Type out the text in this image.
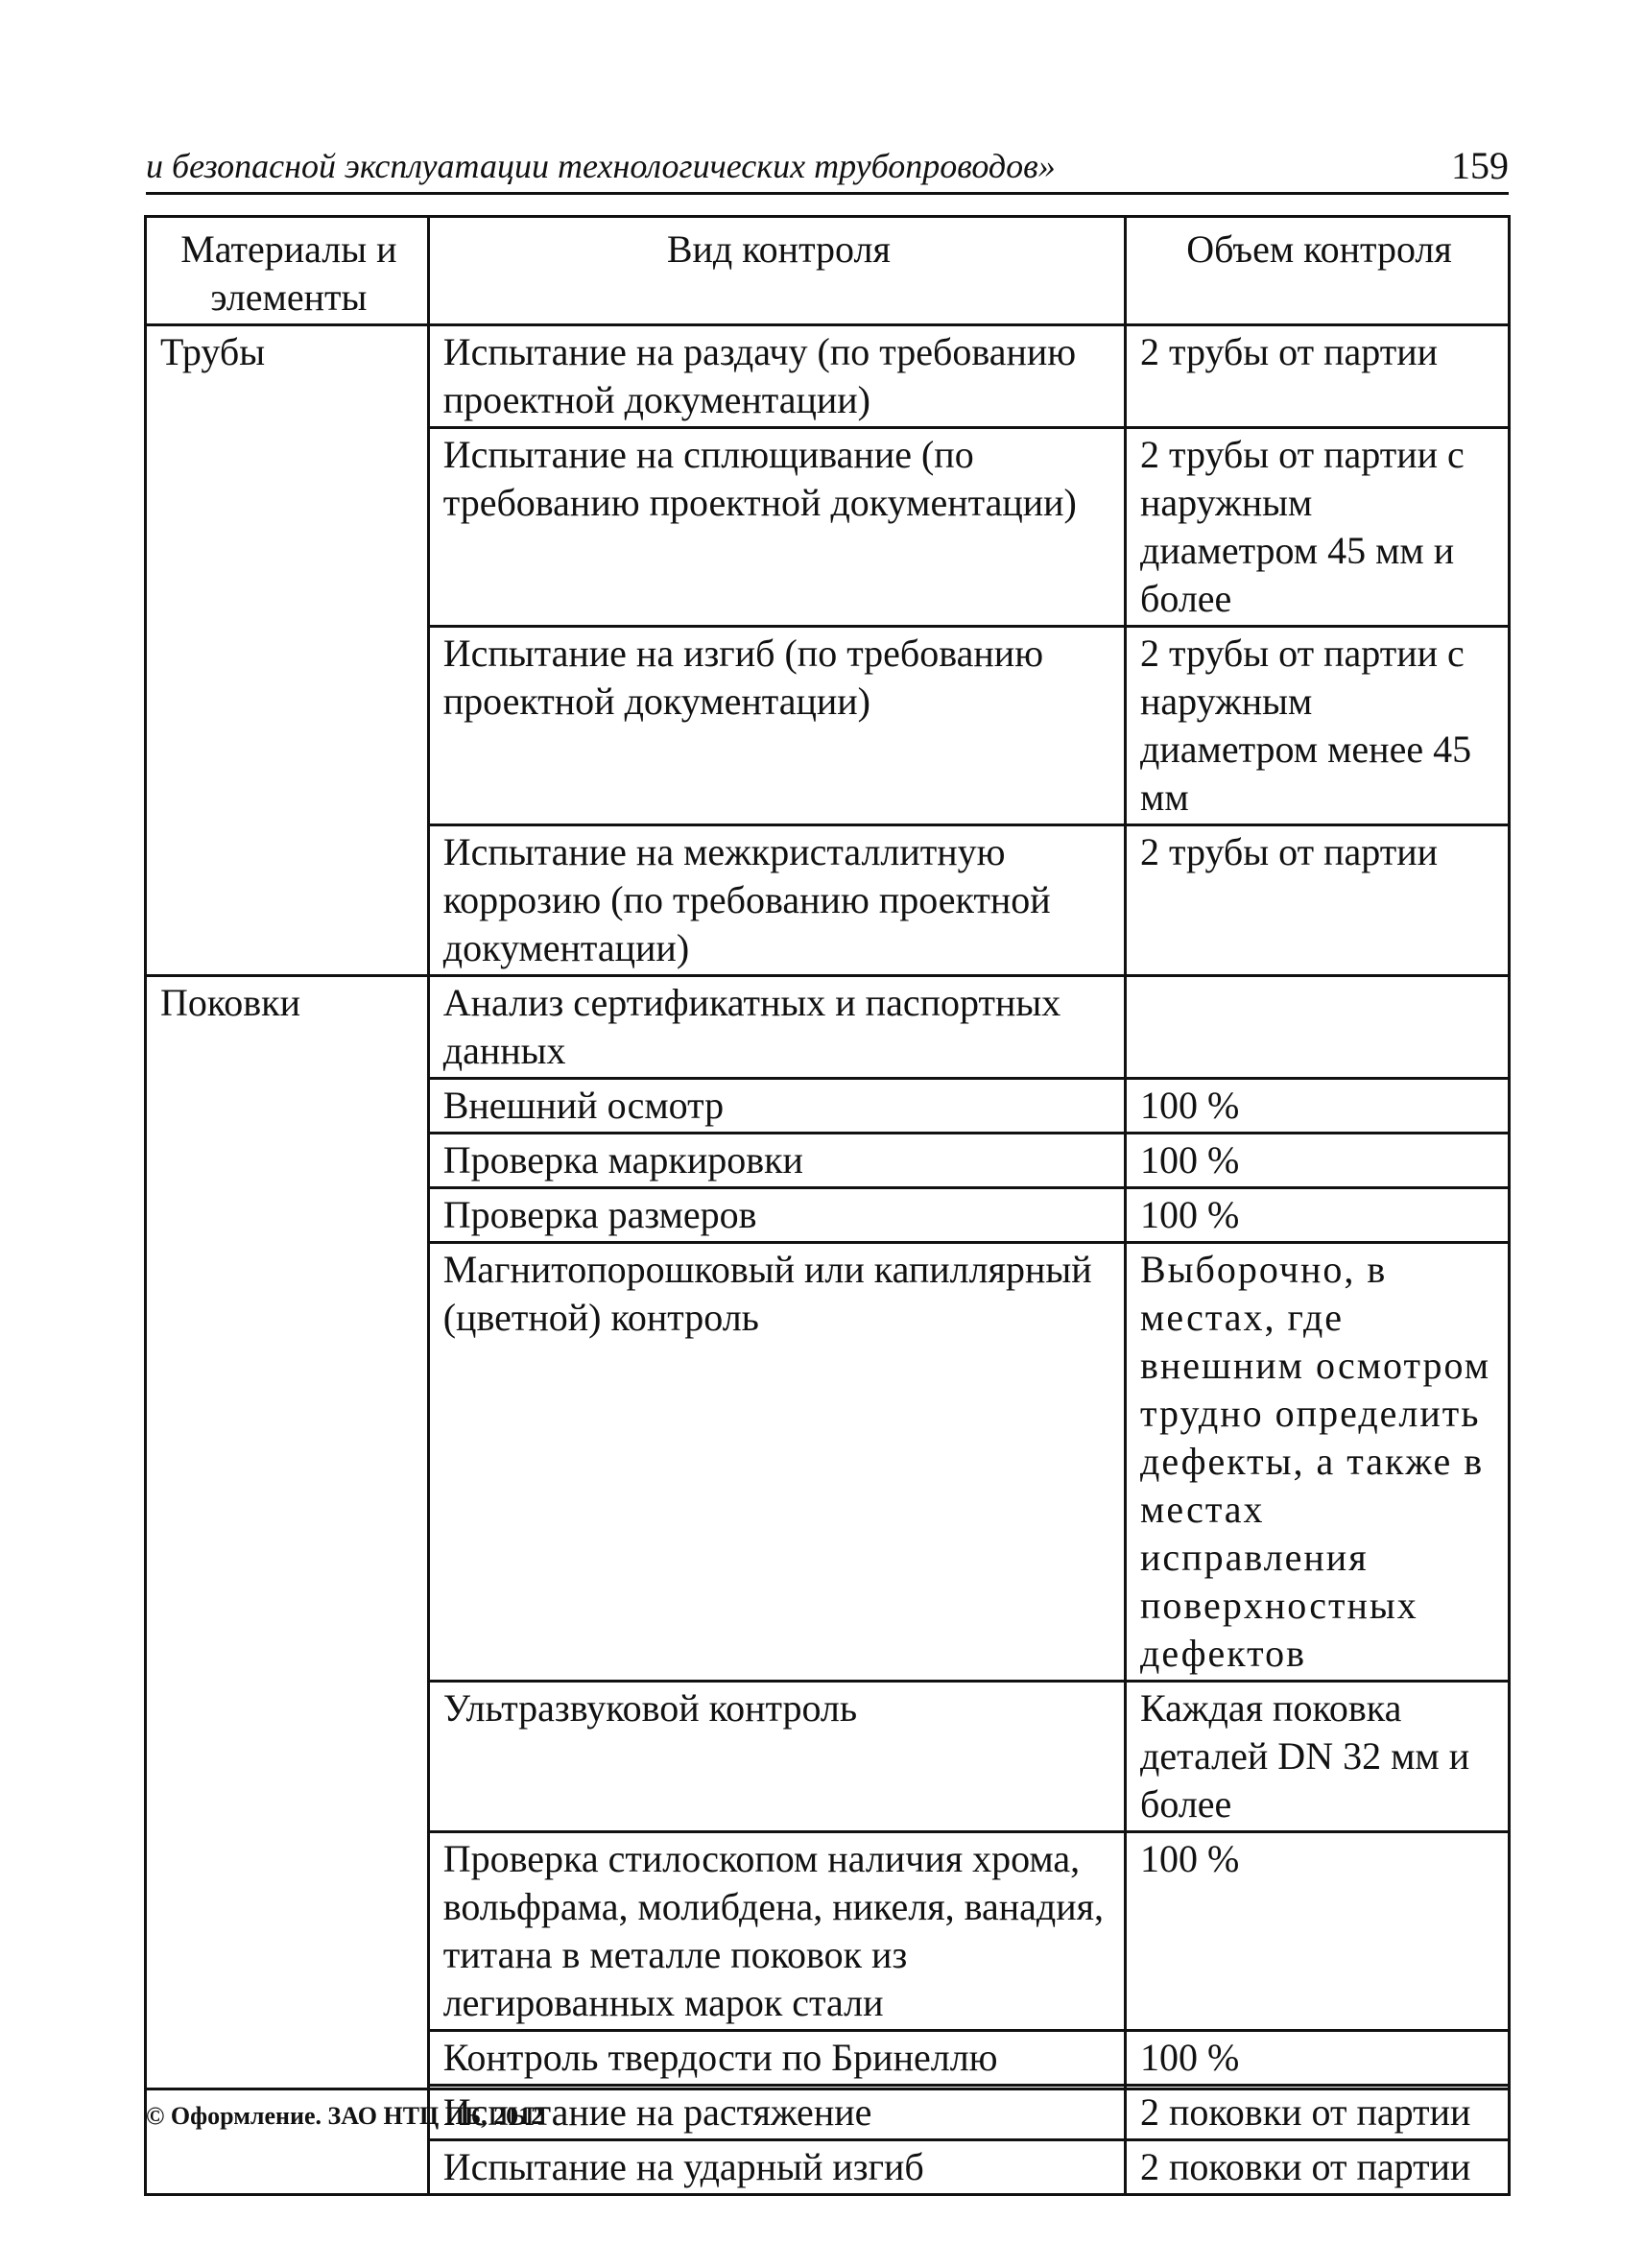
и безопасной эксплуатации технологических трубопроводов»	159
Материалы и элементы	Вид контроля	Объем контроля
Трубы	Испытание на раздачу (по требованию проектной документации)	2 трубы от партии
	Испытание на сплющивание (по требованию проектной документации)	2 трубы от партии с наружным диаметром 45 мм и более
	Испытание на изгиб (по требованию проектной документации)	2 трубы от партии с наружным диаметром менее 45 мм
	Испытание на межкристаллитную коррозию (по требованию проектной документации)	2 трубы от партии
Поковки	Анализ сертификатных и паспортных данных	
	Внешний осмотр	100 %
	Проверка маркировки	100 %
	Проверка размеров	100 %
	Магнитопорошковый или капиллярный (цветной) контроль	Выборочно, в местах, где внешним осмотром трудно определить дефекты, а также в местах исправления поверхностных дефектов
	Ультразвуковой контроль	Каждая поковка деталей DN 32 мм и более
	Проверка стилоскопом наличия хрома, вольфрама, молибдена, никеля, ванадия, титана в металле поковок из легированных марок стали	100 %
	Контроль твердости по Бринеллю	100 %
	Испытание на растяжение	2 поковки от партии
	Испытание на ударный изгиб	2 поковки от партии
© Оформление. ЗАО НТЦ ПБ, 2012
